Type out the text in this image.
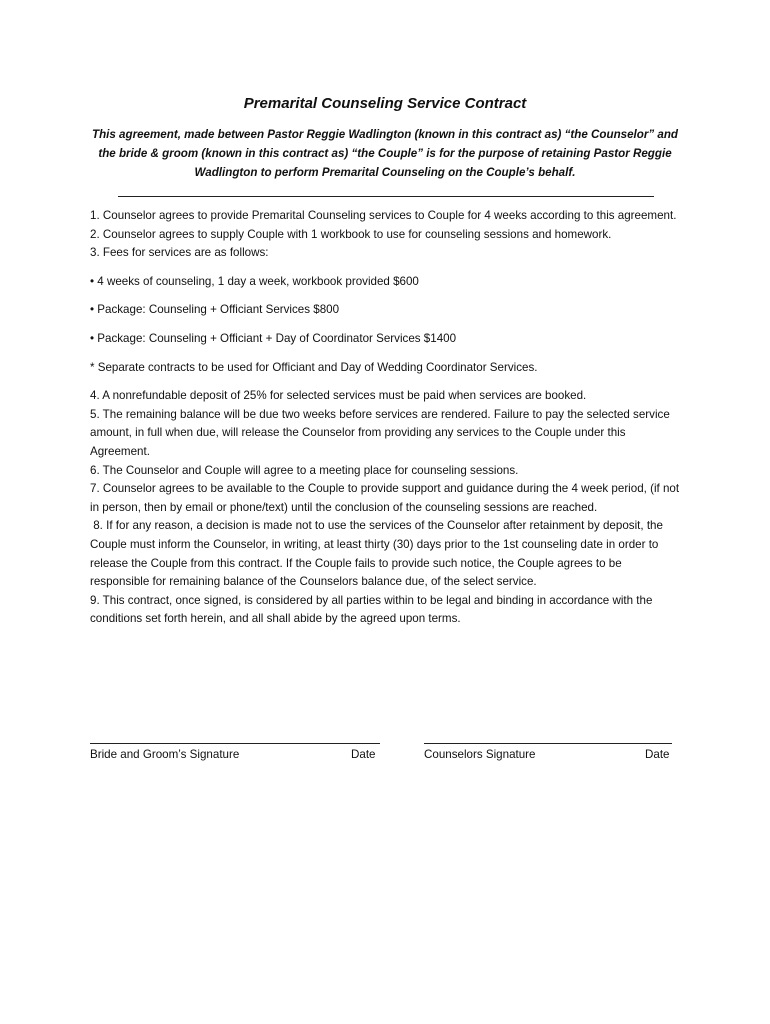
Premarital Counseling Service Contract
This agreement, made between Pastor Reggie Wadlington (known in this contract as) “the Counselor” and the bride & groom (known in this contract as) “the Couple” is for the purpose of retaining Pastor Reggie Wadlington to perform Premarital Counseling on the Couple’s behalf.

1. Counselor agrees to provide Premarital Counseling services to Couple for 4 weeks according to this agreement.

2. Counselor agrees to supply Couple with 1 workbook to use for counseling sessions and homework.

3. Fees for services are as follows:

• 4 weeks of counseling, 1 day a week, workbook provided $600

• Package: Counseling + Officiant Services $800

• Package: Counseling + Officiant + Day of Coordinator Services $1400

* Separate contracts to be used for Officiant and Day of Wedding Coordinator Services.

4. A nonrefundable deposit of 25% for selected services must be paid when services are booked.

5. The remaining balance will be due two weeks before services are rendered. Failure to pay the selected service amount, in full when due, will release the Counselor from providing any services to the Couple under this Agreement.

6. The Counselor and Couple will agree to a meeting place for counseling sessions.

7. Counselor agrees to be available to the Couple to provide support and guidance during the 4 week period, (if not in person, then by email or phone/text) until the conclusion of the counseling sessions are reached.

8. If for any reason, a decision is made not to use the services of the Counselor after retainment by deposit, the Couple must inform the Counselor, in writing, at least thirty (30) days prior to the 1st counseling date in order to release the Couple from this contract. If the Couple fails to provide such notice, the Couple agrees to be responsible for remaining balance of the Counselors balance due, of the select service.

9. This contract, once signed, is considered by all parties within to be legal and binding in accordance with the conditions set forth herein, and all shall abide by the agreed upon terms.

Bride and Groom’s Signature	Date	Counselors Signature	Date
